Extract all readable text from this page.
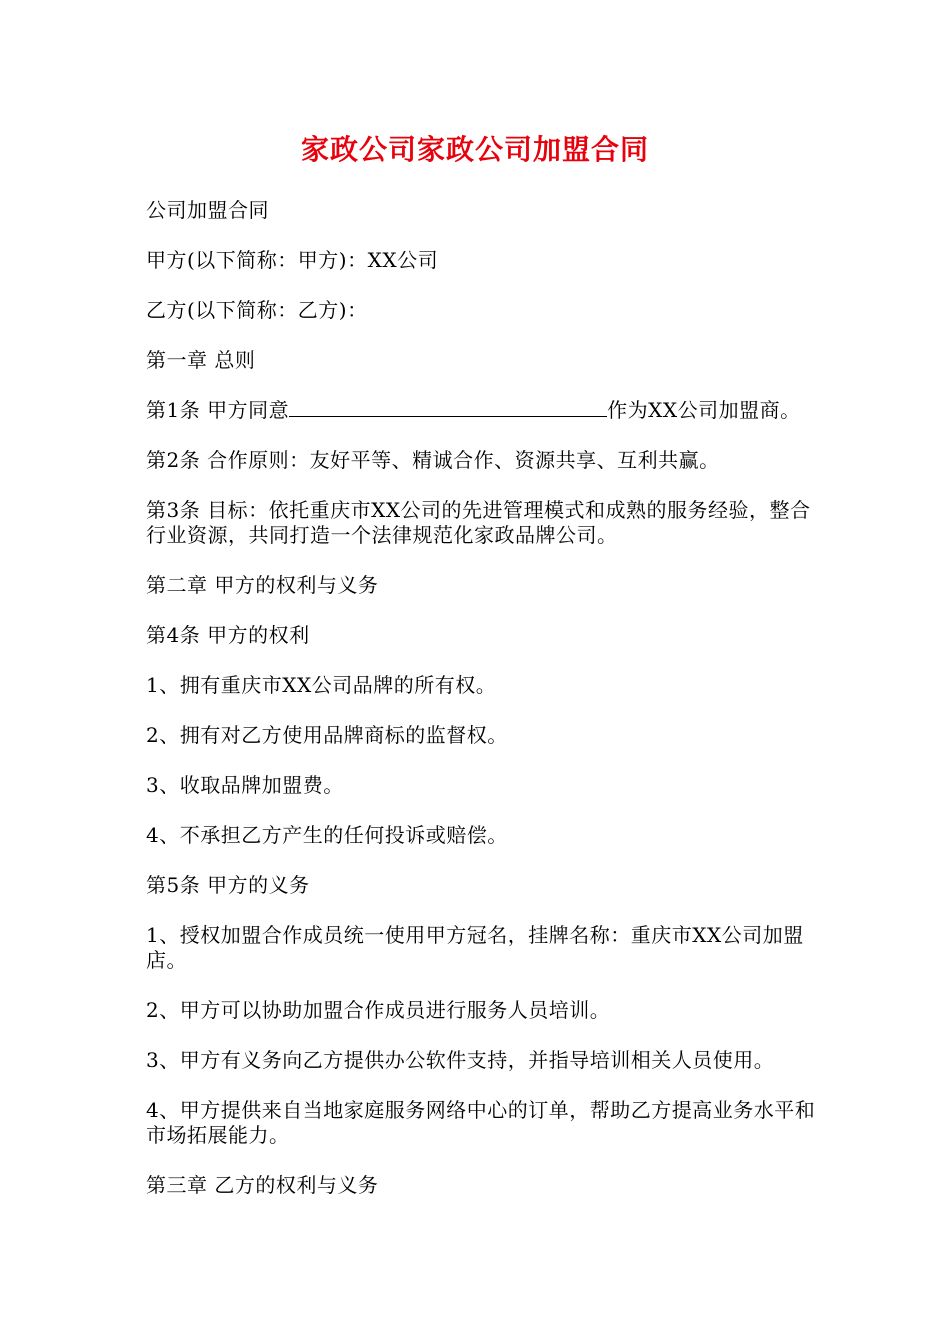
家政公司家政公司加盟合同

公司加盟合同

甲方(以下简称：甲方)：XX公司

乙方(以下简称：乙方)：

第一章 总则

第1条 甲方同意	作为XX公司加盟商。

第2条 合作原则：友好平等、精诚合作、资源共享、互利共赢。

第3条 目标：依托重庆市XX公司的先进管理模式和成熟的服务经验，整合行业资源，共同打造一个法律规范化家政品牌公司。

第二章 甲方的权利与义务

第4条 甲方的权利

1、拥有重庆市XX公司品牌的所有权。

2、拥有对乙方使用品牌商标的监督权。

3、收取品牌加盟费。

4、不承担乙方产生的任何投诉或赔偿。

第5条 甲方的义务

1、授权加盟合作成员统一使用甲方冠名，挂牌名称：重庆市XX公司加盟店。

2、甲方可以协助加盟合作成员进行服务人员培训。

3、甲方有义务向乙方提供办公软件支持，并指导培训相关人员使用。

4、甲方提供来自当地家庭服务网络中心的订单，帮助乙方提高业务水平和市场拓展能力。

第三章 乙方的权利与义务
